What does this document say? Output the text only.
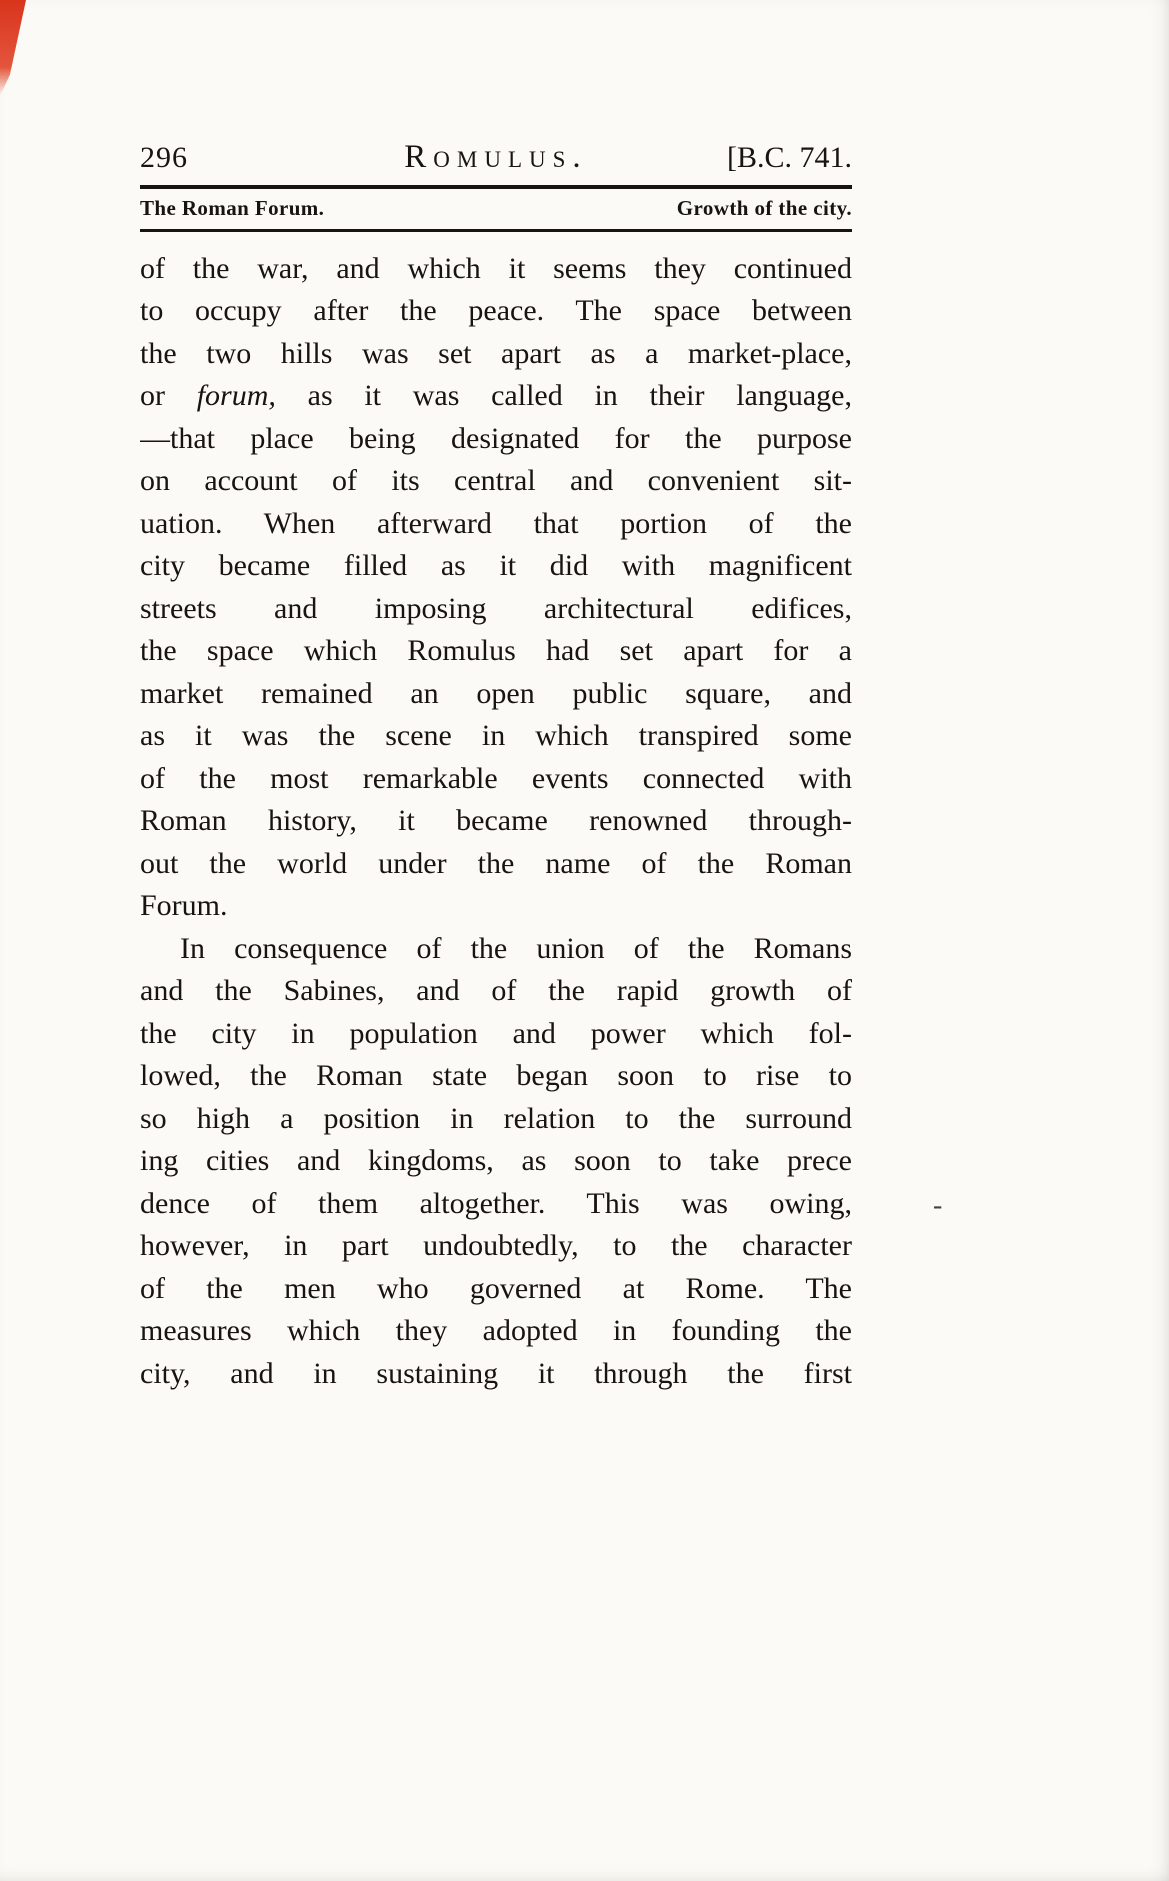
296	Romulus.	[B.C. 741.
The Roman Forum.	Growth of the city.
of the war, and which it seems they continued
to occupy after the peace. The space between
the two hills was set apart as a market-place,
or forum, as it was called in their language,
—that place being designated for the purpose
on account of its central and convenient sit-
uation. When afterward that portion of the
city became filled as it did with magnificent
streets and imposing architectural edifices,
the space which Romulus had set apart for a
market remained an open public square, and
as it was the scene in which transpired some
of the most remarkable events connected with
Roman history, it became renowned through-
out the world under the name of the Roman
Forum.
In consequence of the union of the Romans
and the Sabines, and of the rapid growth of
the city in population and power which fol-
lowed, the Roman state began soon to rise to
so high a position in relation to the surround
ing cities and kingdoms, as soon to take prece
dence of them altogether. This was owing,
however, in part undoubtedly, to the character
of the men who governed at Rome. The
measures which they adopted in founding the
city, and in sustaining it through the first
-
